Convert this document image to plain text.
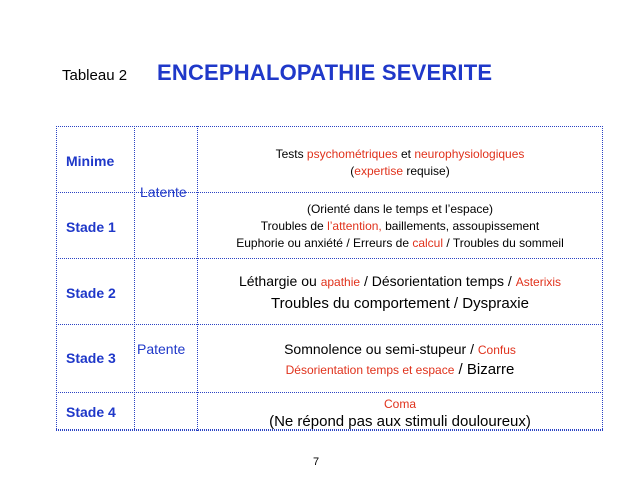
Tableau 2 ENCEPHALOPATHIE SEVERITE
Minime
Stade 1
Stade 2
Stade 3
Stade 4
Latente
Patente
Tests psychométriques et neurophysiologiques
(expertise requise)
(Orienté dans le temps et l’espace)
Troubles de l’attention, baillements, assoupissement
Euphorie ou anxiété / Erreurs de calcul / Troubles du sommeil
Léthargie ou apathie / Désorientation temps / Asterixis
Troubles du comportement / Dyspraxie
Somnolence ou semi-stupeur / Confus
Désorientation temps et espace / Bizarre
Coma
(Ne répond pas aux stimuli douloureux)
7
